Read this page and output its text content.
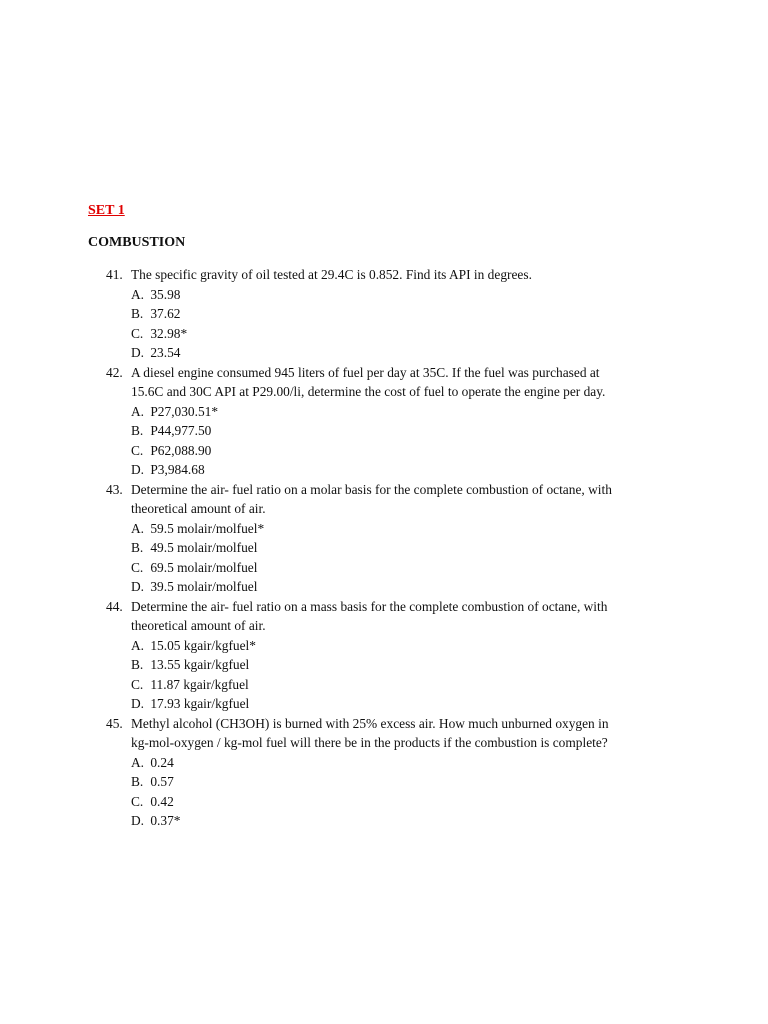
SET 1

COMBUSTION

41. The specific gravity of oil tested at 29.4C is 0.852. Find its API in degrees.
A. 35.98
B. 37.62
C. 32.98*
D. 23.54
42. A diesel engine consumed 945 liters of fuel per day at 35C. If the fuel was purchased at
15.6C and 30C API at P29.00/li, determine the cost of fuel to operate the engine per day.
A. P27,030.51*
B. P44,977.50
C. P62,088.90
D. P3,984.68
43. Determine the air- fuel ratio on a molar basis for the complete combustion of octane, with
theoretical amount of air.
A. 59.5 molair/molfuel*
B. 49.5 molair/molfuel
C. 69.5 molair/molfuel
D. 39.5 molair/molfuel
44. Determine the air- fuel ratio on a mass basis for the complete combustion of octane, with
theoretical amount of air.
A. 15.05 kgair/kgfuel*
B. 13.55 kgair/kgfuel
C. 11.87 kgair/kgfuel
D. 17.93 kgair/kgfuel
45. Methyl alcohol (CH3OH) is burned with 25% excess air. How much unburned oxygen in
kg-mol-oxygen / kg-mol fuel will there be in the products if the combustion is complete?
A. 0.24
B. 0.57
C. 0.42
D. 0.37*
